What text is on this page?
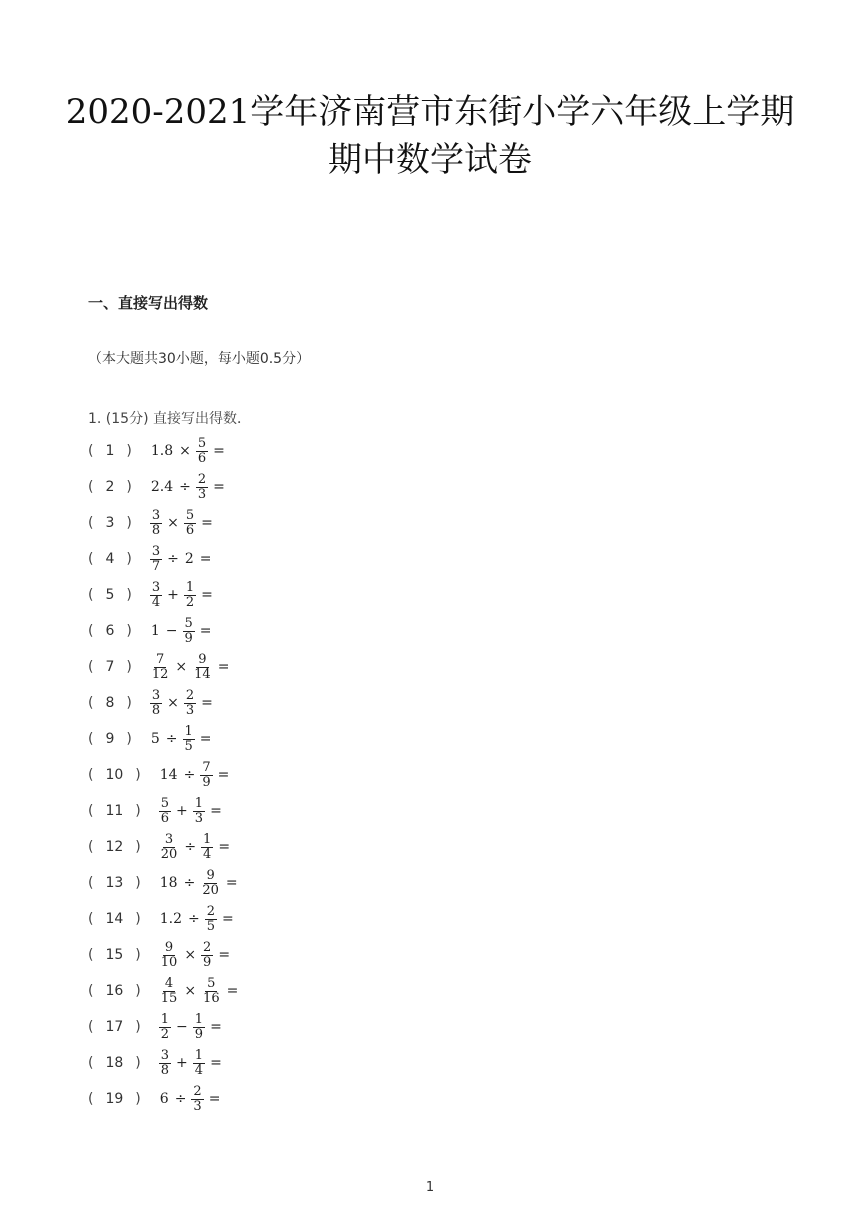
2020-2021学年济南营市东街小学六年级上学期
期中数学试卷
一、直接写出得数
（本大题共30小题，每小题0.5分）
1. (15分) 直接写出得数．
( 1 ) $1.8 \times \frac{5}{6}$ =
( 2 ) $2.4 \div \frac{2}{3}$ =
( 3 ) $\frac{3}{8} \times \frac{5}{6}$ =
( 4 ) $\frac{3}{7} \div 2$ =
( 5 ) $\frac{3}{4} + \frac{1}{2}$ =
( 6 ) $1 - \frac{5}{9}$ =
( 7 ) $\frac{7}{12} \times \frac{9}{14}$ =
( 8 ) $\frac{3}{8} \times \frac{2}{3}$ =
( 9 ) $5 \div \frac{1}{5}$ =
( 10 ) $14 \div \frac{7}{9}$ =
( 11 ) $\frac{5}{6} + \frac{1}{3}$ =
( 12 ) $\frac{3}{20} \div \frac{1}{4}$ =
( 13 ) $18 \div \frac{9}{20}$ =
( 14 ) $1.2 \div \frac{2}{5}$ =
( 15 ) $\frac{9}{10} \times \frac{2}{9}$ =
( 16 ) $\frac{4}{15} \times \frac{5}{16}$ =
( 17 ) $\frac{1}{2} - \frac{1}{9}$ =
( 18 ) $\frac{3}{8} + \frac{1}{4}$ =
( 19 ) $6 \div \frac{2}{3}$ =
1
